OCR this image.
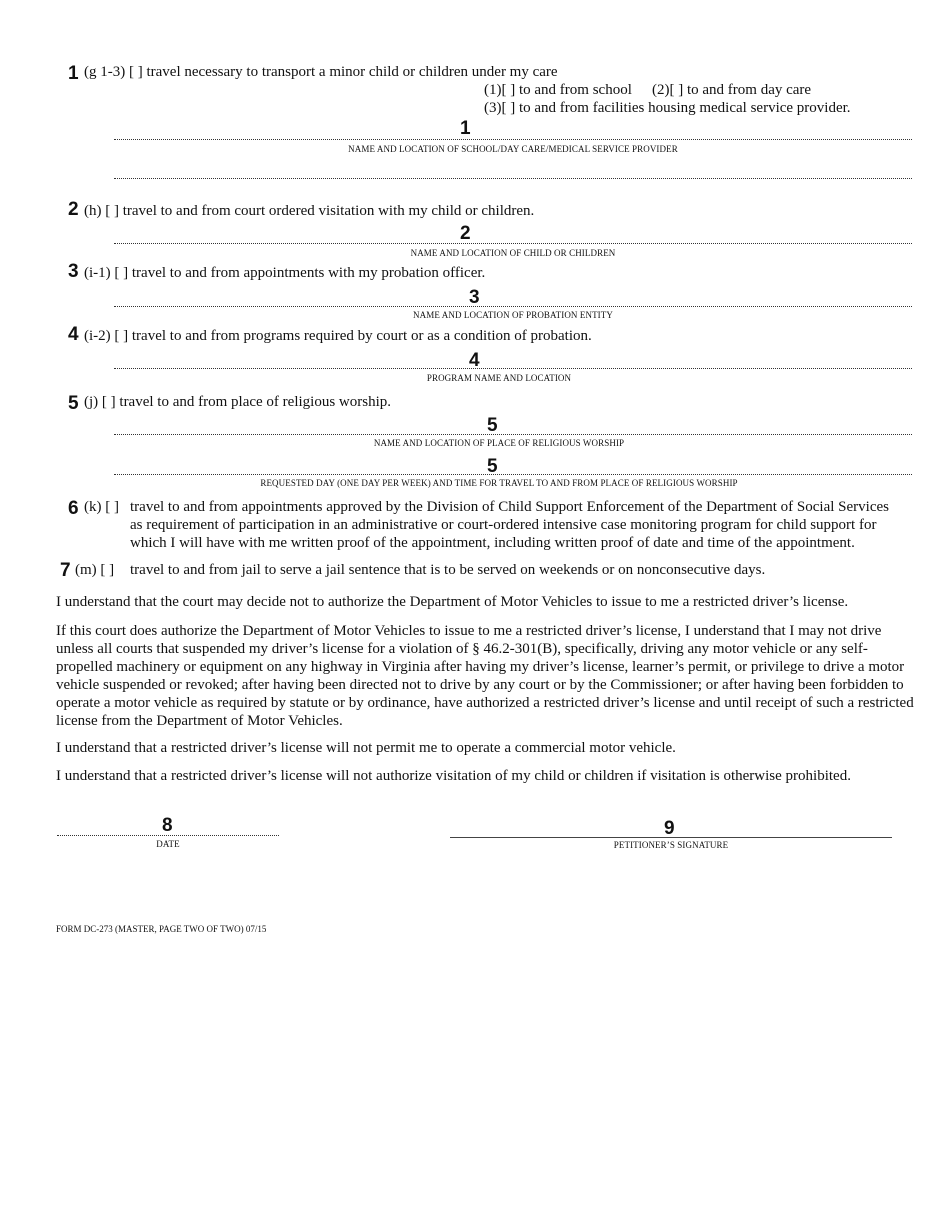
1 (g 1-3) [ ] travel necessary to transport a minor child or children under my care
(1)[ ] to and from school (2)[ ] to and from day care
(3)[ ] to and from facilities housing medical service provider.
1
NAME AND LOCATION OF SCHOOL/DAY CARE/MEDICAL SERVICE PROVIDER
2 (h) [ ] travel to and from court ordered visitation with my child or children.
2
NAME AND LOCATION OF CHILD OR CHILDREN
3 (i-1) [ ] travel to and from appointments with my probation officer.
3
NAME AND LOCATION OF PROBATION ENTITY
4 (i-2) [ ] travel to and from programs required by court or as a condition of probation.
4
PROGRAM NAME AND LOCATION
5 (j) [ ] travel to and from place of religious worship.
5
NAME AND LOCATION OF PLACE OF RELIGIOUS WORSHIP
5
REQUESTED DAY (ONE DAY PER WEEK) AND TIME FOR TRAVEL TO AND FROM PLACE OF RELIGIOUS WORSHIP
6 (k) [ ] travel to and from appointments approved by the Division of Child Support Enforcement of the Department of Social Services
as requirement of participation in an administrative or court-ordered intensive case monitoring program for child support for
which I will have with me written proof of the appointment, including written proof of date and time of the appointment.
7 (m) [ ] travel to and from jail to serve a jail sentence that is to be served on weekends or on nonconsecutive days.
I understand that the court may decide not to authorize the Department of Motor Vehicles to issue to me a restricted driver’s license.
If this court does authorize the Department of Motor Vehicles to issue to me a restricted driver’s license, I understand that I may not drive unless all courts that suspended my driver’s license for a violation of § 46.2-301(B), specifically, driving any motor vehicle or any self-propelled machinery or equipment on any highway in Virginia after having my driver’s license, learner’s permit, or privilege to drive a motor vehicle suspended or revoked; after having been directed not to drive by any court or by the Commissioner; or after having been forbidden to operate a motor vehicle as required by statute or by ordinance, have authorized a restricted driver’s license and until receipt of such a restricted license from the Department of Motor Vehicles.
I understand that a restricted driver’s license will not permit me to operate a commercial motor vehicle.
I understand that a restricted driver’s license will not authorize visitation of my child or children if visitation is otherwise prohibited.
8
DATE
9
PETITIONER’S SIGNATURE
FORM DC-273 (MASTER, PAGE TWO OF TWO) 07/15
